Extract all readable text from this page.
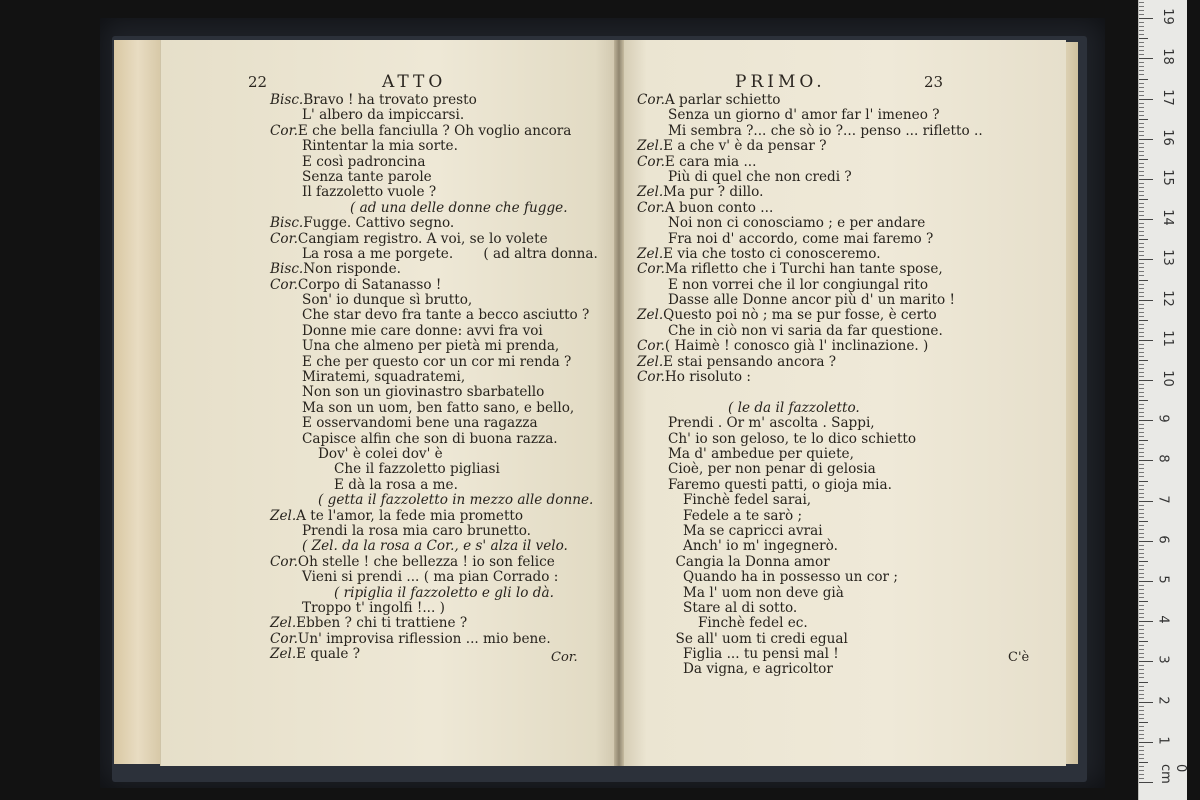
22	ATTO
Bisc.Bravo ! ha trovato presto
L' albero da impiccarsi.
Cor.E che bella fanciulla ? Oh voglio ancora
Rintentar la mia sorte.
E così padroncina
Senza tante parole
Il fazzoletto vuole ?
( ad una delle donne che fugge.
Bisc.Fugge. Cattivo segno.
Cor.Cangiam registro. A voi, se lo volete
La rosa a me porgete.       ( ad altra donna.
Bisc.Non risponde.
Cor.Corpo di Satanasso !
Son' io dunque sì brutto,
Che star devo fra tante a becco asciutto ?
Donne mie care donne: avvi fra voi
Una che almeno per pietà mi prenda,
E che per questo cor un cor mi renda ?
Miratemi, squadratemi,
Non son un giovinastro sbarbatello
Ma son un uom, ben fatto sano, e bello,
E osservandomi bene una ragazza
Capisce alfin che son di buona razza.
Dov' è colei dov' è
Che il fazzoletto pigliasi
E dà la rosa a me.
( getta il fazzoletto in mezzo alle donne.
Zel.A te l'amor, la fede mia prometto
Prendi la rosa mia caro brunetto.
( Zel. da la rosa a Cor., e s' alza il velo.
Cor.Oh stelle ! che bellezza ! io son felice
Vieni si prendi ... ( ma pian Corrado :
( ripiglia il fazzoletto e gli lo dà.
Troppo t' ingolfi !... )
Zel.Ebben ? chi ti trattiene ?
Cor.Un' improvisa riflession ... mio bene.
Zel.E quale ?	Cor.
PRIMO.	23
Cor.A parlar schietto
Senza un giorno d' amor far l' imeneo ?
Mi sembra ?... che sò io ?... penso ... rifletto ..
Zel.E a che v' è da pensar ?
Cor.E cara mia ...
Più di quel che non credi ?
Zel.Ma pur ? dillo.
Cor.A buon conto ...
Noi non ci conosciamo ; e per andare
Fra noi d' accordo, come mai faremo ?
Zel.E via che tosto ci conosceremo.
Cor.Ma rifletto che i Turchi han tante spose,
E non vorrei che il lor congiungal rito
Dasse alle Donne ancor più d' un marito !
Zel.Questo poi nò ; ma se pur fosse, è certo
Che in ciò non vi saria da far questione.
Cor.( Haimè ! conosco già l' inclinazione. )
Zel.E stai pensando ancora ?
Cor.Ho risoluto :
( le da il fazzoletto.
Prendi . Or m' ascolta . Sappi,
Ch' io son geloso, te lo dico schietto
Ma d' ambedue per quiete,
Cioè, per non penar di gelosia
Faremo questi patti, o gioja mia.
Finchè fedel sarai,
Fedele a te sarò ;
Ma se capricci avrai
Anch' io m' ingegnerò.
Cangia la Donna amor
Quando ha in possesso un cor ;
Ma l' uom non deve già
Stare al di sotto.
Finchè fedel ec.
Se all' uom ti credi egual
Figlia ... tu pensi mal !
Da vigna, e agricoltor
C'è
0 cm
1
2
3
4
5
6
7
8
9
10
11
12
13
14
15
16
17
18
19
